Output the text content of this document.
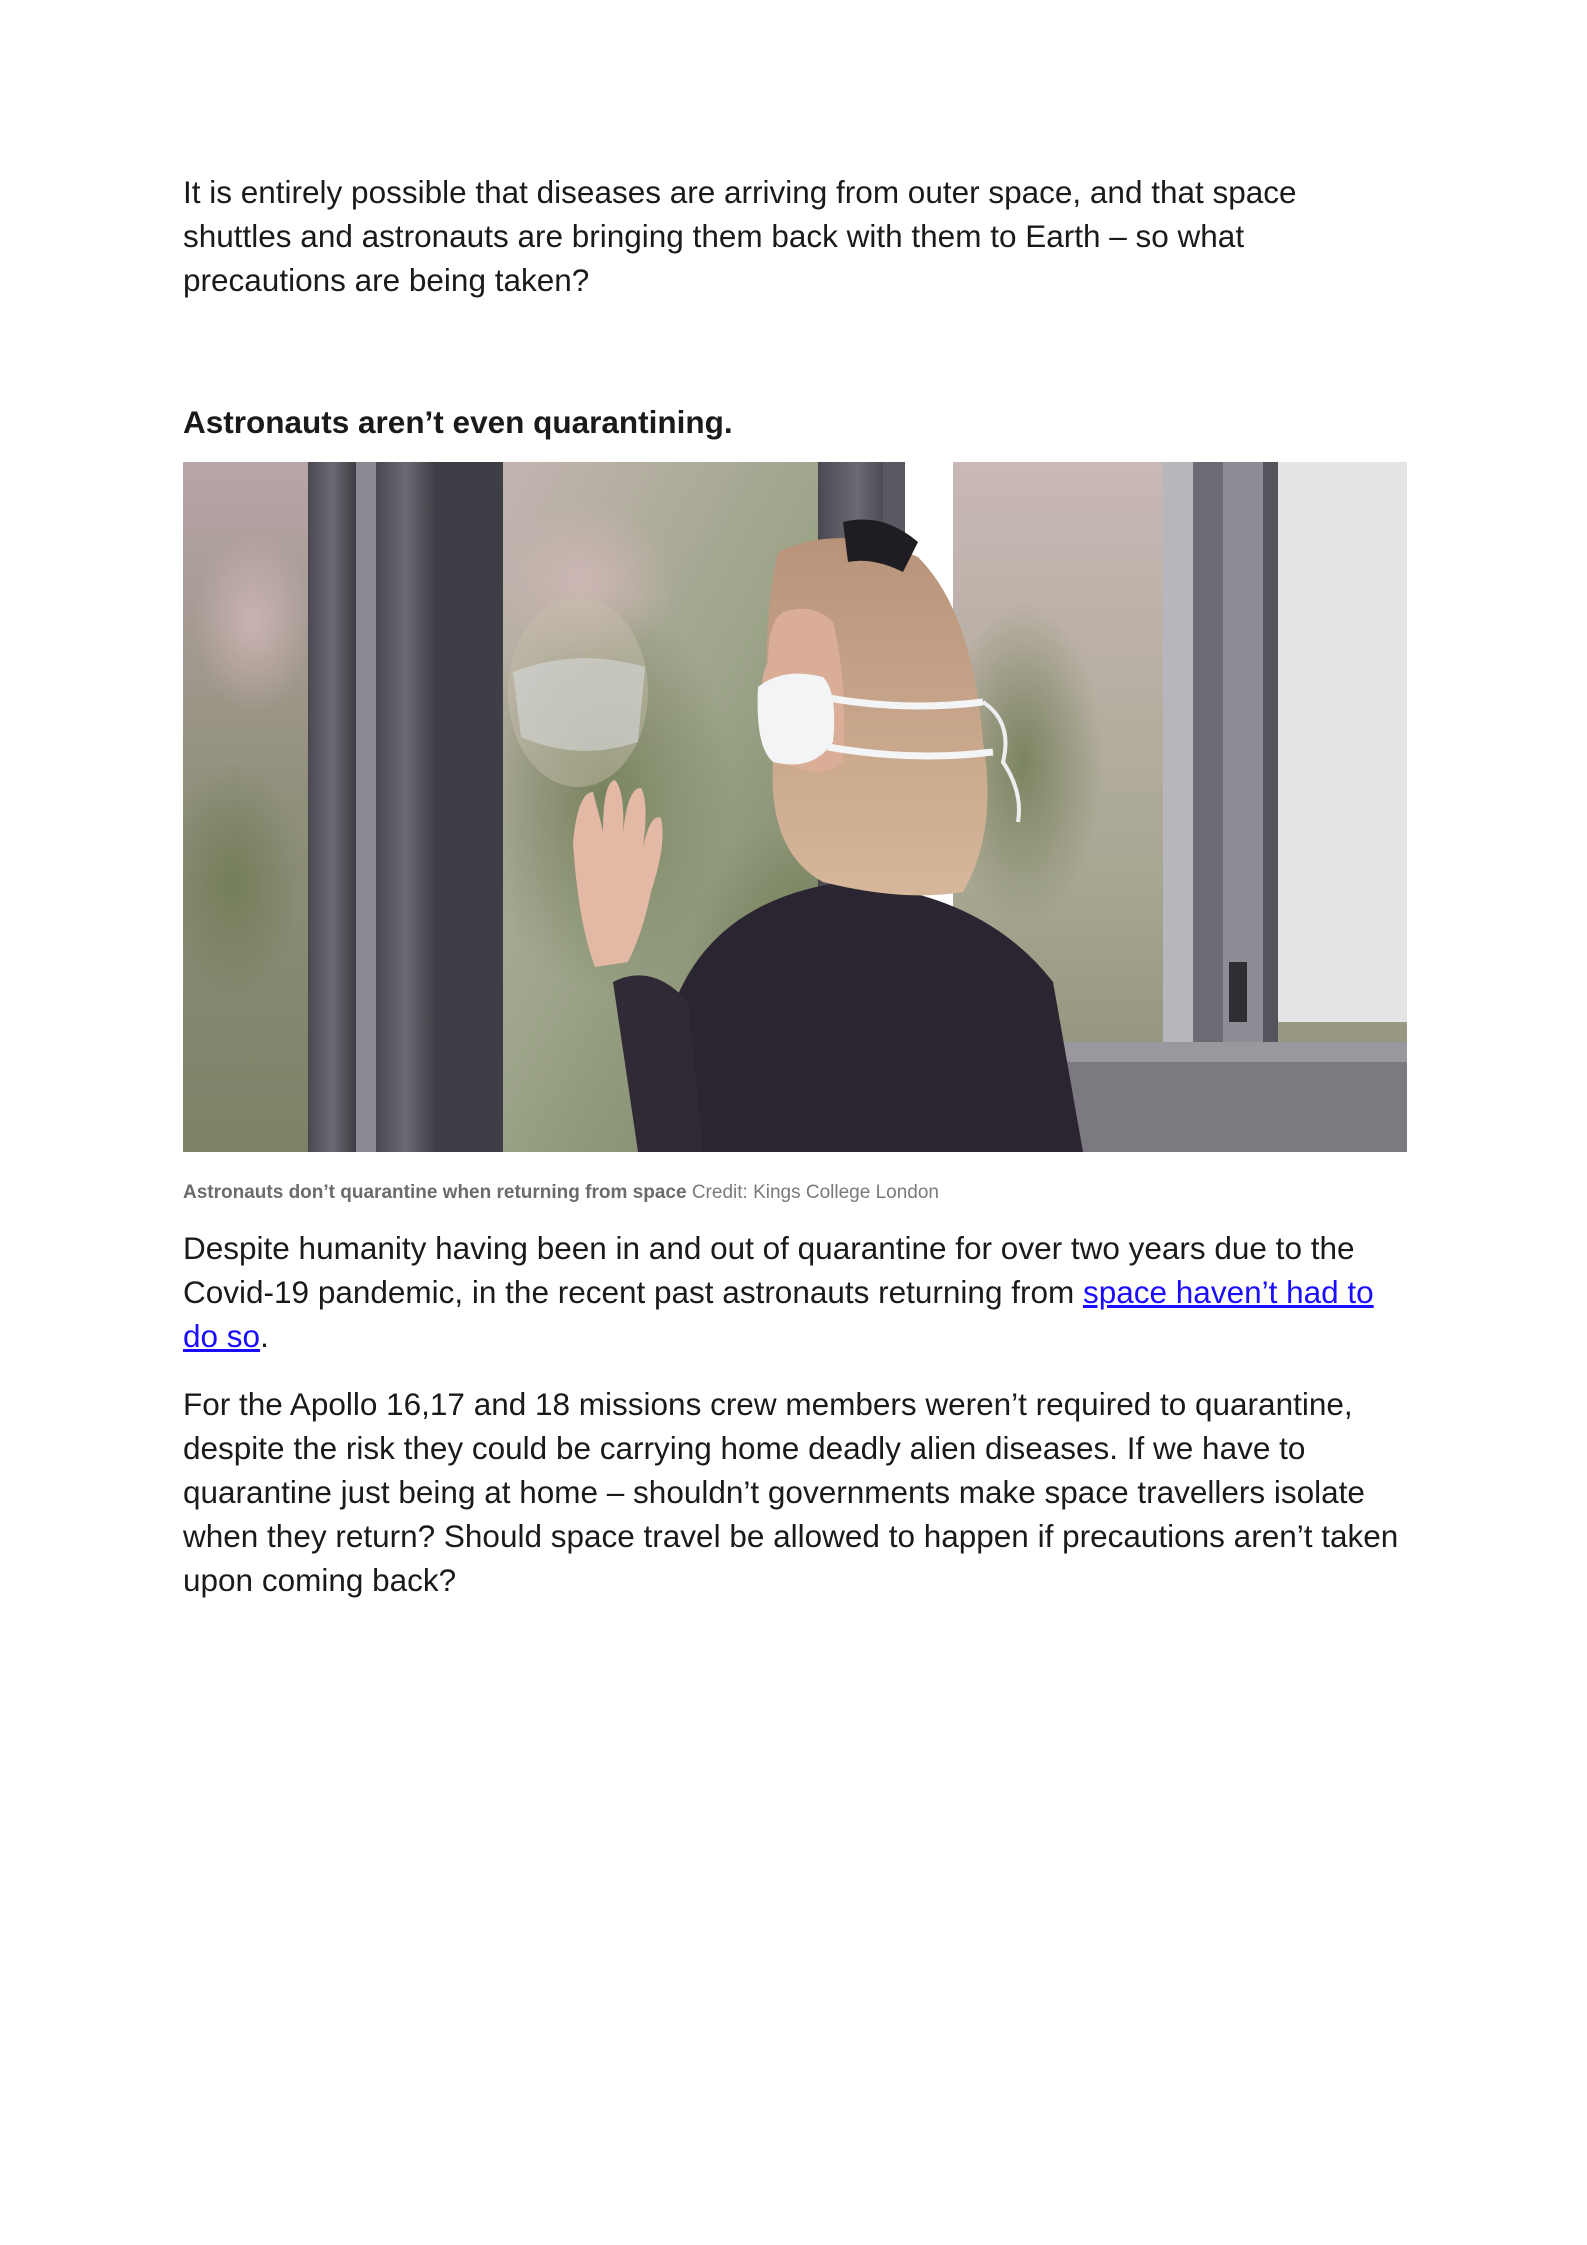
It is entirely possible that diseases are arriving from outer space, and that space shuttles and astronauts are bringing them back with them to Earth – so what precautions are being taken?

Astronauts aren’t even quarantining.
Astronauts don’t quarantine when returning from space Credit: Kings College London

Despite humanity having been in and out of quarantine for over two years due to the Covid-19 pandemic, in the recent past astronauts returning from space haven’t had to do so.

For the Apollo 16,17 and 18 missions crew members weren’t required to quarantine, despite the risk they could be carrying home deadly alien diseases. If we have to quarantine just being at home – shouldn’t governments make space travellers isolate when they return? Should space travel be allowed to happen if precautions aren’t taken upon coming back?
